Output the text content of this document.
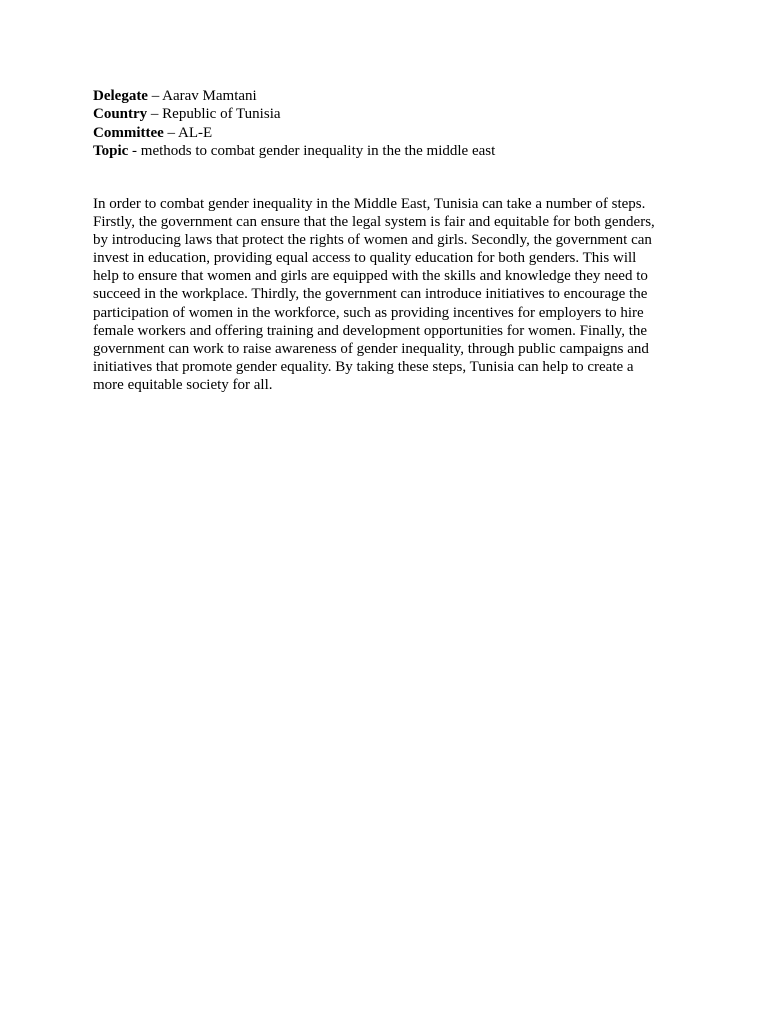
Delegate – Aarav Mamtani
Country – Republic of Tunisia
Committee – AL-E
Topic - methods to combat gender inequality in the the middle east
In order to combat gender inequality in the Middle East, Tunisia can take a number of steps.
Firstly, the government can ensure that the legal system is fair and equitable for both genders,
by introducing laws that protect the rights of women and girls. Secondly, the government can
invest in education, providing equal access to quality education for both genders. This will
help to ensure that women and girls are equipped with the skills and knowledge they need to
succeed in the workplace. Thirdly, the government can introduce initiatives to encourage the
participation of women in the workforce, such as providing incentives for employers to hire
female workers and offering training and development opportunities for women. Finally, the
government can work to raise awareness of gender inequality, through public campaigns and
initiatives that promote gender equality. By taking these steps, Tunisia can help to create a
more equitable society for all.
